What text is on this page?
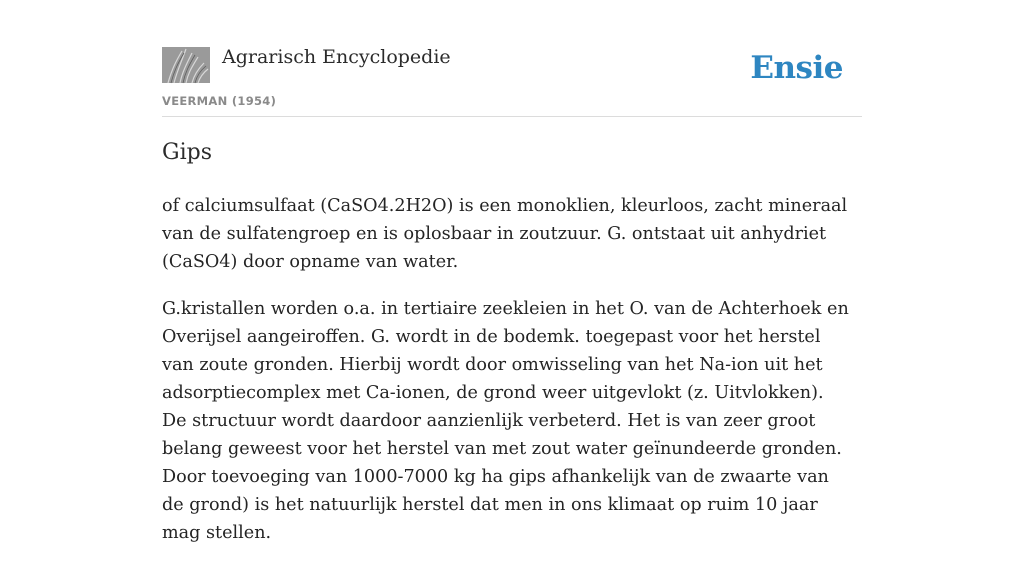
Agrarisch Encyclopedie
VEERMAN (1954)
Ensie
Gips

of calciumsulfaat (CaSO4.2H2O) is een monoklien, kleurloos, zacht mineraal van de sulfatengroep en is oplosbaar in zoutzuur. G. ontstaat uit anhydriet (CaSO4) door opname van water.

G.kristallen worden o.a. in tertiaire zeekleien in het O. van de Achterhoek en Overijsel aangeiroffen. G. wordt in de bodemk. toegepast voor het herstel van zoute gronden. Hierbij wordt door omwisseling van het Na-ion uit het adsorptiecomplex met Ca-ionen, de grond weer uitgevlokt (z. Uitvlokken). De structuur wordt daardoor aanzienlijk verbeterd. Het is van zeer groot belang geweest voor het herstel van met zout water geïnundeerde gronden. Door toevoeging van 1000-7000 kg ha gips afhankelijk van de zwaarte van de grond) is het natuurlijk herstel dat men in ons klimaat op ruim 10 jaar mag stellen.
